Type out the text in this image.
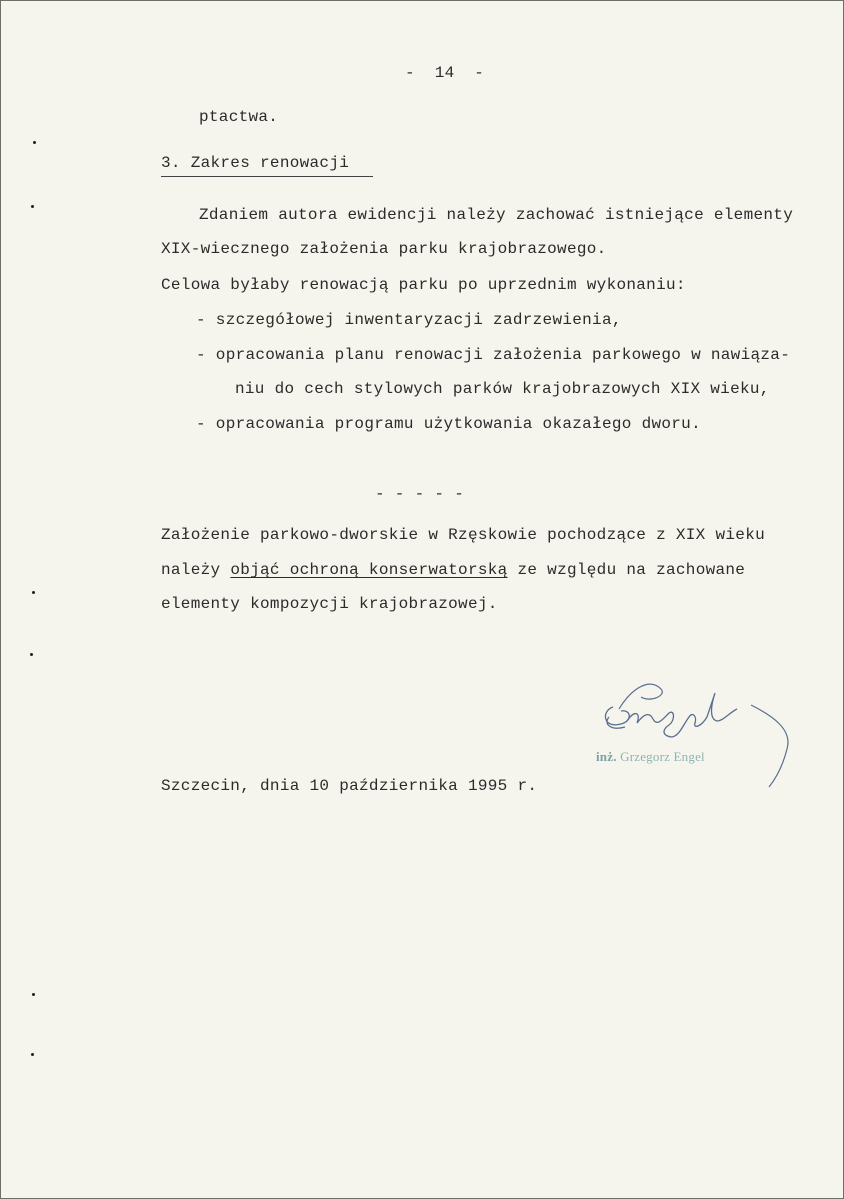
-  14  -
ptactwa.
3. Zakres renowacji
Zdaniem autora ewidencji należy zachować istniejące elementy
XIX-wiecznego założenia parku krajobrazowego.
Celowa byłaby renowacją parku po uprzednim wykonaniu:
- szczegółowej inwentaryzacji zadrzewienia,
- opracowania planu renowacji założenia parkowego w nawiąza-
niu do cech stylowych parków krajobrazowych XIX wieku,
- opracowania programu użytkowania okazałego dworu.
- - - - -
Założenie parkowo-dworskie w Rzęskowie pochodzące z XIX wieku
należy objąć ochroną konserwatorską ze względu na zachowane
elementy kompozycji krajobrazowej.
inż. Grzegorz Engel
Szczecin, dnia 10 października 1995 r.
